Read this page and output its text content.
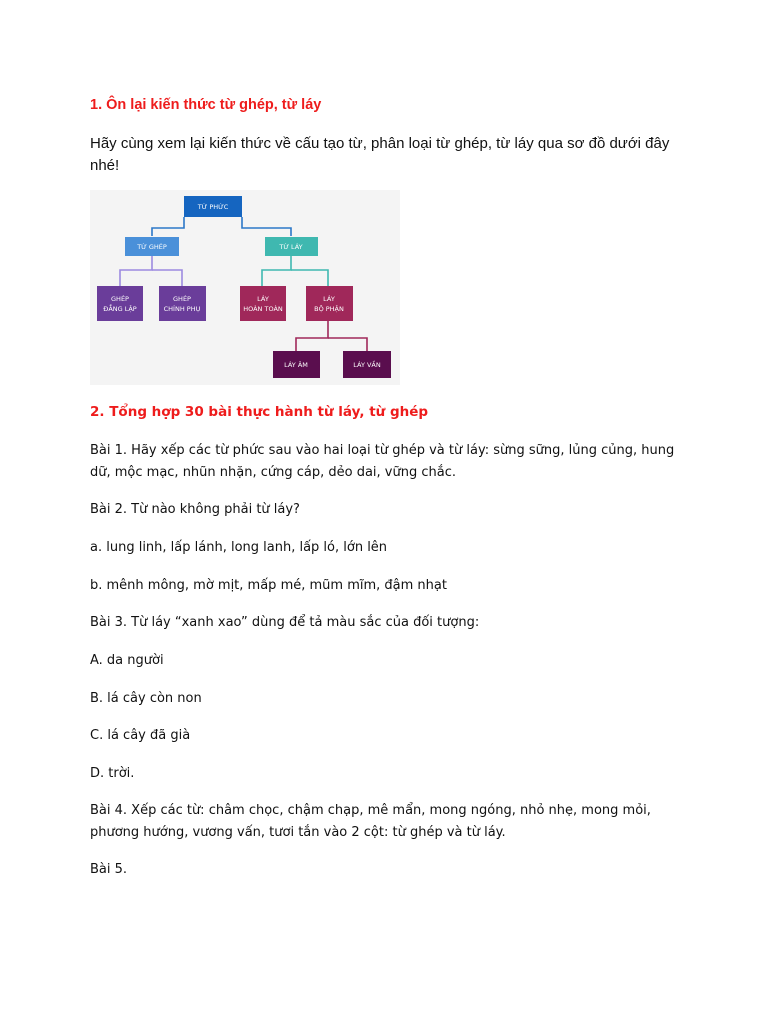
1. Ôn lại kiến thức từ ghép, từ láy

Hãy cùng xem lại kiến thức về cấu tạo từ, phân loại từ ghép, từ láy qua sơ đồ dưới đây nhé!

TỪ PHỨC
TỪ GHÉP	TỪ LÁY
GHÉP
ĐẲNG LẬP
GHÉP
CHÍNH PHỤ
LÁY
HOÀN TOÀN
LÁY
BỘ PHẬN
LÁY ÂM	LÁY VẦN
2. Tổng hợp 30 bài thực hành từ láy, từ ghép

Bài 1. Hãy xếp các từ phức sau vào hai loại từ ghép và từ láy: sừng sững, lủng củng, hung dữ, mộc mạc, nhũn nhặn, cứng cáp, dẻo dai, vững chắc.

Bài 2. Từ nào không phải từ láy?

a. lung linh, lấp lánh, long lanh, lấp ló, lớn lên

b. mênh mông, mờ mịt, mấp mé, mũm mĩm, đậm nhạt

Bài 3. Từ láy “xanh xao” dùng để tả màu sắc của đối tượng:

A. da người

B. lá cây còn non

C. lá cây đã già

D. trời.

Bài 4. Xếp các từ: châm chọc, chậm chạp, mê mẩn, mong ngóng, nhỏ nhẹ, mong mỏi, phương hướng, vương vấn, tươi tắn vào 2 cột: từ ghép và từ láy.

Bài 5.
